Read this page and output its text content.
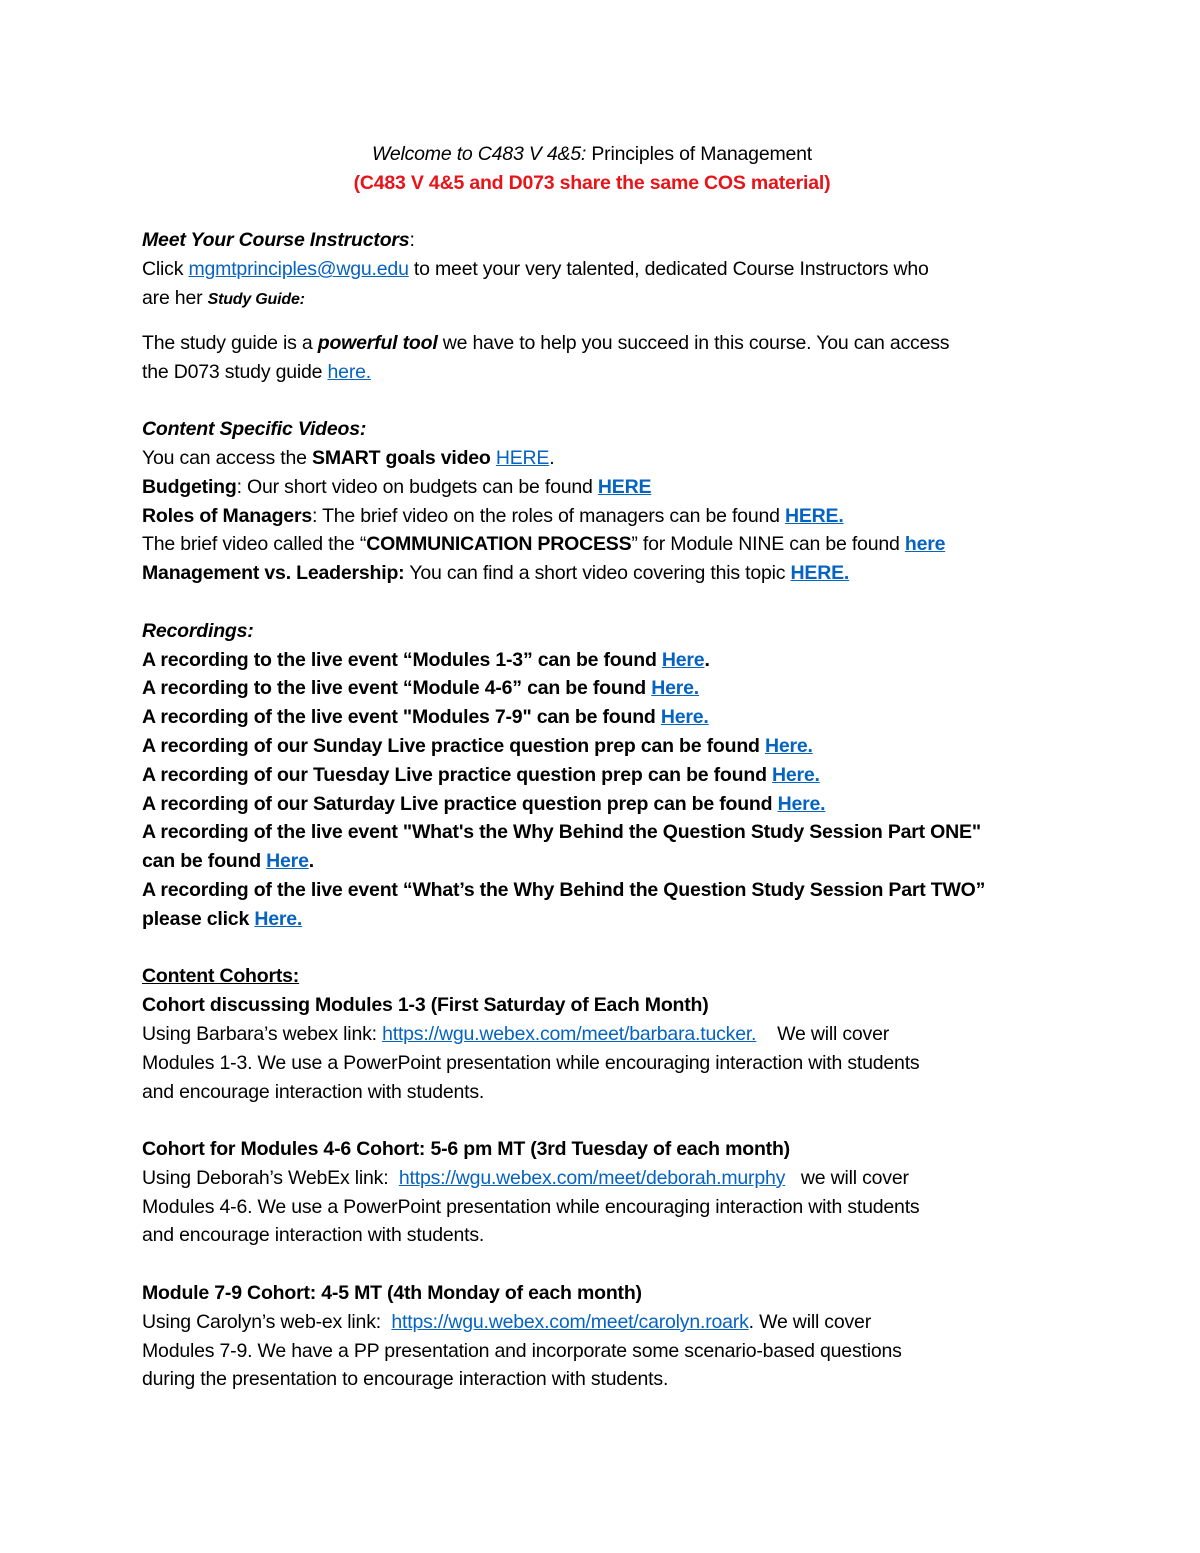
Welcome to C483 V 4&5: Principles of Management
(C483 V 4&5 and D073 share the same COS material)
Meet Your Course Instructors:
Click mgmtprinciples@wgu.edu to meet your very talented, dedicated Course Instructors who
are her Study Guide:
The study guide is a powerful tool we have to help you succeed in this course. You can access
the D073 study guide here.
Content Specific Videos:
You can access the SMART goals video HERE.
Budgeting: Our short video on budgets can be found HERE
Roles of Managers: The brief video on the roles of managers can be found HERE.
The brief video called the “COMMUNICATION PROCESS” for Module NINE can be found here
Management vs. Leadership: You can find a short video covering this topic HERE.
Recordings:
A recording to the live event “Modules 1-3” can be found Here.
A recording to the live event “Module 4-6” can be found Here.
A recording of the live event "Modules 7-9" can be found Here.
A recording of our Sunday Live practice question prep can be found Here.
A recording of our Tuesday Live practice question prep can be found Here.
A recording of our Saturday Live practice question prep can be found Here.
A recording of the live event "What's the Why Behind the Question Study Session Part ONE"
can be found Here.
A recording of the live event “What’s the Why Behind the Question Study Session Part TWO”
please click Here.
Content Cohorts:
Cohort discussing Modules 1-3 (First Saturday of Each Month)
Using Barbara’s webex link: https://wgu.webex.com/meet/barbara.tucker.    We will cover
Modules 1-3. We use a PowerPoint presentation while encouraging interaction with students
and encourage interaction with students.
Cohort for Modules 4-6 Cohort: 5-6 pm MT (3rd Tuesday of each month)
Using Deborah’s WebEx link:  https://wgu.webex.com/meet/deborah.murphy   we will cover
Modules 4-6. We use a PowerPoint presentation while encouraging interaction with students
and encourage interaction with students.
Module 7-9 Cohort: 4-5 MT (4th Monday of each month)
Using Carolyn’s web-ex link:  https://wgu.webex.com/meet/carolyn.roark. We will cover
Modules 7-9. We have a PP presentation and incorporate some scenario-based questions
during the presentation to encourage interaction with students.
